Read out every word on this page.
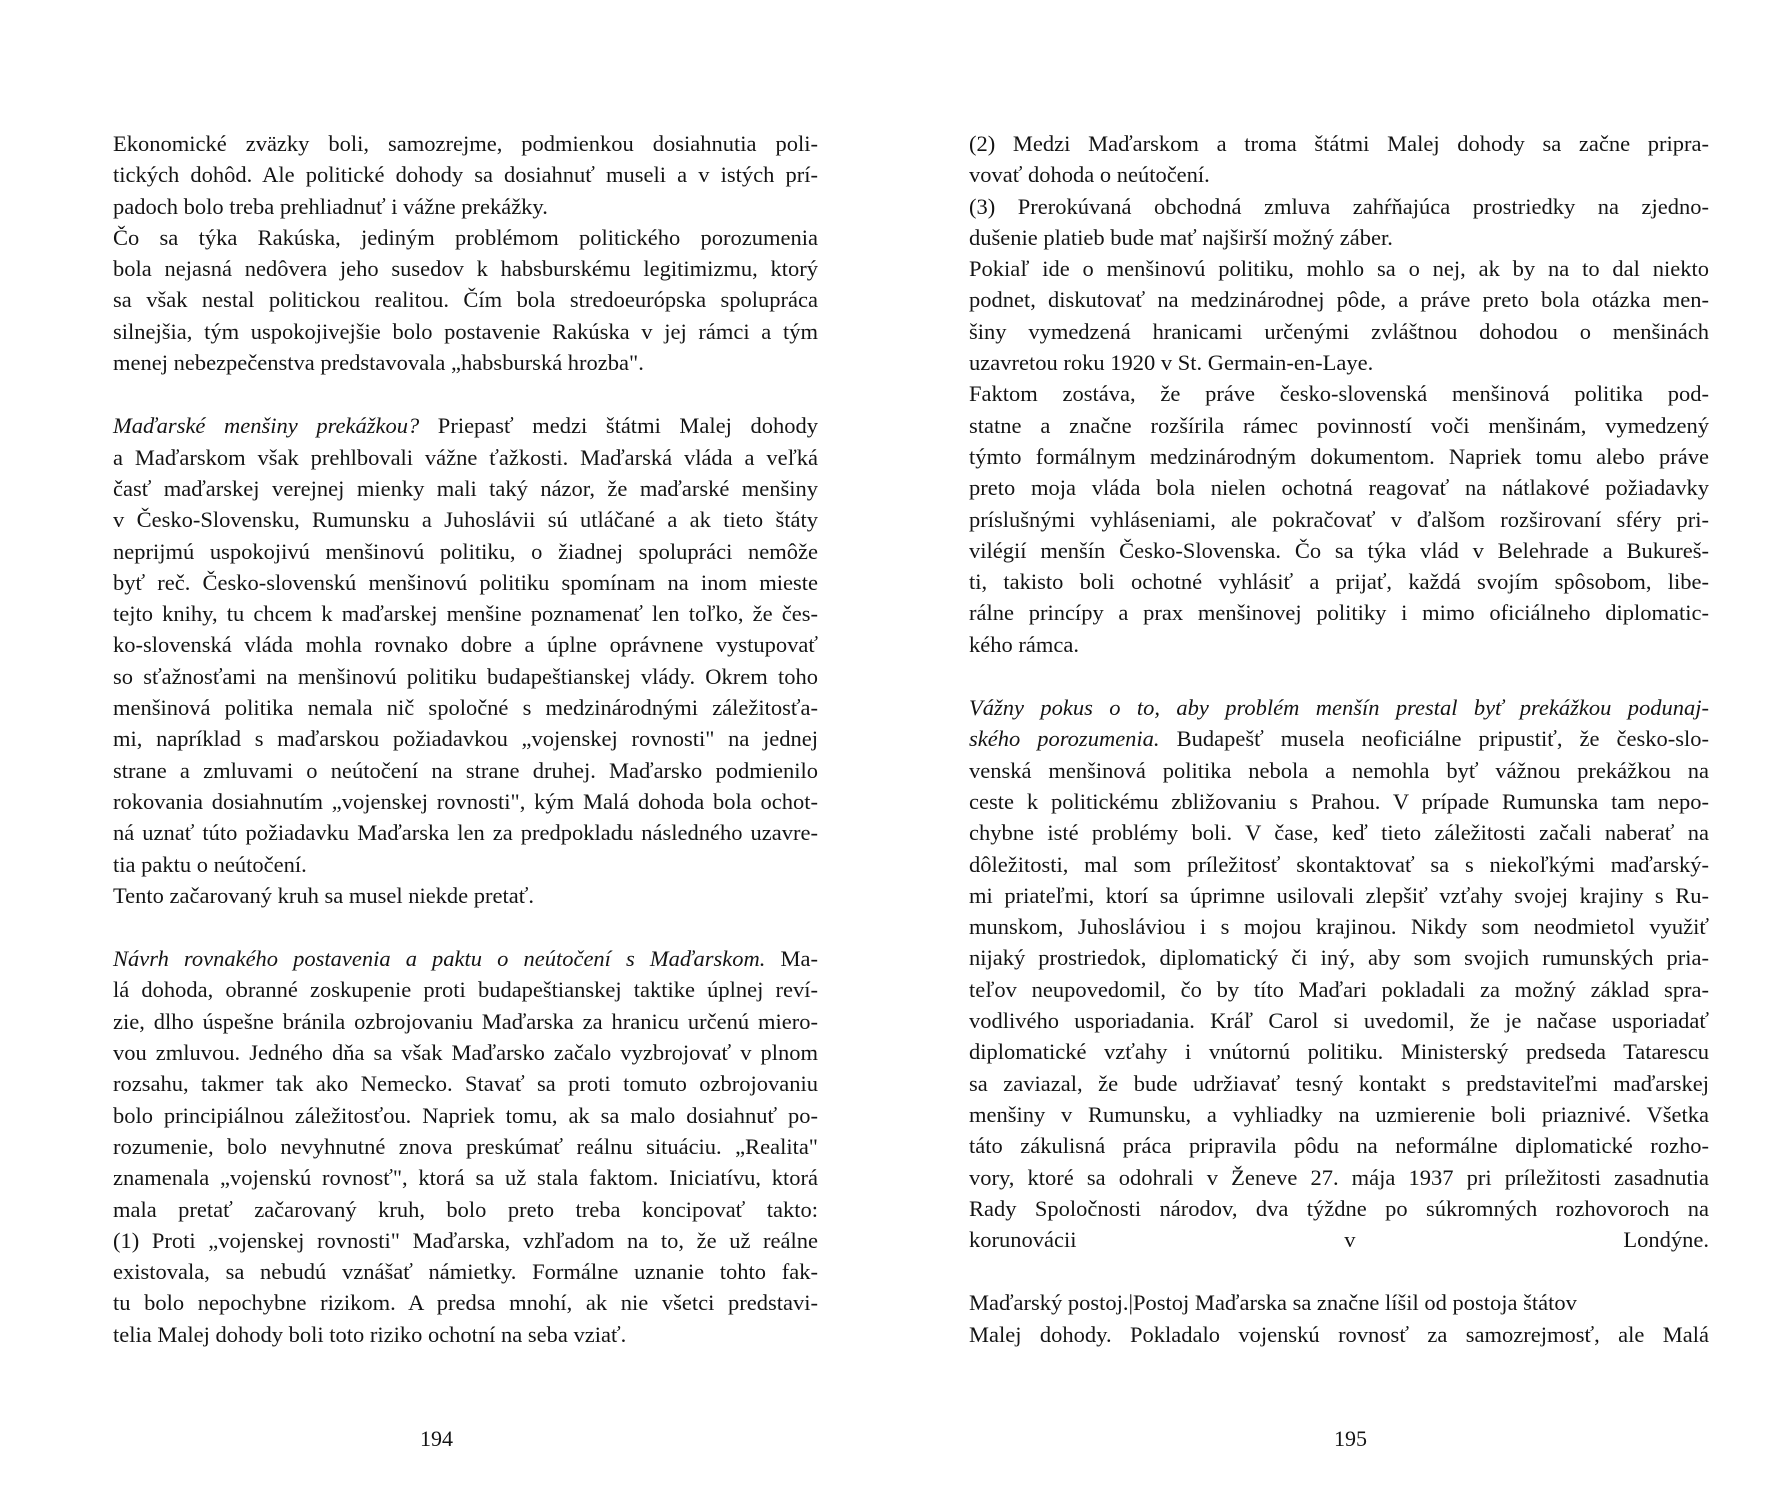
Ekonomické zväzky boli, samozrejme, podmienkou dosiahnutia poli-
tických dohôd. Ale politické dohody sa dosiahnuť museli a v istých prí-
padoch bolo treba prehliadnuť i vážne prekážky.
Čo sa týka Rakúska, jediným problémom politického porozumenia
bola nejasná nedôvera jeho susedov k habsburskému legitimizmu, ktorý
sa však nestal politickou realitou. Čím bola stredoeurópska spolupráca
silnejšia, tým uspokojivejšie bolo postavenie Rakúska v jej rámci a tým
menej nebezpečenstva predstavovala „habsburská hrozba".
Maďarské menšiny prekážkou? Priepasť medzi štátmi Malej dohody
a Maďarskom však prehlbovali vážne ťažkosti. Maďarská vláda a veľká
časť maďarskej verejnej mienky mali taký názor, že maďarské menšiny
v Česko-Slovensku, Rumunsku a Juhoslávii sú utláčané a ak tieto štáty
neprijmú uspokojivú menšinovú politiku, o žiadnej spolupráci nemôže
byť reč. Česko-slovenskú menšinovú politiku spomínam na inom mieste
tejto knihy, tu chcem k maďarskej menšine poznamenať len toľko, že čes-
ko-slovenská vláda mohla rovnako dobre a úplne oprávnene vystupovať
so sťažnosťami na menšinovú politiku budapeštianskej vlády. Okrem toho
menšinová politika nemala nič spoločné s medzinárodnými záležitosťa-
mi, napríklad s maďarskou požiadavkou „vojenskej rovnosti" na jednej
strane a zmluvami o neútočení na strane druhej. Maďarsko podmienilo
rokovania dosiahnutím „vojenskej rovnosti", kým Malá dohoda bola ochot-
ná uznať túto požiadavku Maďarska len za predpokladu následného uzavre-
tia paktu o neútočení.
Tento začarovaný kruh sa musel niekde pretať.
Návrh rovnakého postavenia a paktu o neútočení s Maďarskom. Ma-
lá dohoda, obranné zoskupenie proti budapeštianskej taktike úplnej reví-
zie, dlho úspešne bránila ozbrojovaniu Maďarska za hranicu určenú mierο-
vou zmluvou. Jedného dňa sa však Maďarsko začalo vyzbrojovať v plnom
rozsahu, takmer tak ako Nemecko. Stavať sa proti tomuto ozbrojovaniu
bolo principiálnou záležitosťou. Napriek tomu, ak sa malo dosiahnuť po-
rozumenie, bolo nevyhnutné znova preskúmať reálnu situáciu. „Realita"
znamenala „vojenskú rovnosť", ktorá sa už stala faktom. Iniciatívu, ktorá
mala pretať začarovaný kruh, bolo preto treba koncipovať takto:
(1) Proti „vojenskej rovnosti" Maďarska, vzhľadom na to, že už reálne
existovala, sa nebudú vznášať námietky. Formálne uznanie tohto fak-
tu bolo nepochybne rizikom. A predsa mnohí, ak nie všetci predstavi-
telia Malej dohody boli toto riziko ochotní na seba vziať.
194
(2) Medzi Maďarskom a troma štátmi Malej dohody sa začne pripra-
vovať dohoda o neútočení.
(3) Prerokúvaná obchodná zmluva zahŕňajúca prostriedky na zjedno-
dušenie platieb bude mať najširší možný záber.
Pokiaľ ide o menšinovú politiku, mohlo sa o nej, ak by na to dal niekto
podnet, diskutovať na medzinárodnej pôde, a práve preto bola otázka men-
šiny vymedzená hranicami určenými zvláštnou dohodou o menšinách
uzavretou roku 1920 v St. Germain-en-Laye.
Faktom zostáva, že práve česko-slovenská menšinová politika pod-
statne a značne rozšírila rámec povinností voči menšinám, vymedzený
týmto formálnym medzinárodným dokumentom. Napriek tomu alebo práve
preto moja vláda bola nielen ochotná reagovať na nátlakové požiadavky
príslušnými vyhláseniami, ale pokračovať v ďalšom rozširovaní sféry pri-
vilégií menšín Česko-Slovenska. Čo sa týka vlád v Belehrade a Bukureš-
ti, takisto boli ochotné vyhlásiť a prijať, každá svojím spôsobom, libe-
rálne princípy a prax menšinovej politiky i mimo oficiálneho diplomatic-
kého rámca.
Vážny pokus o to, aby problém menšín prestal byť prekážkou podunaj-
ského porozumenia. Budapešť musela neoficiálne pripustiť, že česko-slo-
venská menšinová politika nebola a nemohla byť vážnou prekážkou na
ceste k politickému zbližovaniu s Prahou. V prípade Rumunska tam nepo-
chybne isté problémy boli. V čase, keď tieto záležitosti začali naberať na
dôležitosti, mal som príležitosť skontaktovať sa s niekoľkými maďarský-
mi priateľmi, ktorí sa úprimne usilovali zlepšiť vzťahy svojej krajiny s Ru-
munskom, Juhosláviou i s mojou krajinou. Nikdy som neodmietol využiť
nijaký prostriedok, diplomatický či iný, aby som svojich rumunských pria-
teľov neupovedomil, čo by títo Maďari pokladali za možný základ spra-
vodlivého usporiadania. Kráľ Carol si uvedomil, že je načase usporiadať
diplomatické vzťahy i vnútornú politiku. Ministerský predseda Tatarescu
sa zaviazal, že bude udržiavať tesný kontakt s predstaviteľmi maďarskej
menšiny v Rumunsku, a vyhliadky na uzmierenie boli priaznivé. Všetka
táto zákulisná práca pripravila pôdu na neformálne diplomatické rozho-
vory, ktoré sa odohrali v Ženeve 27. mája 1937 pri príležitosti zasadnutia
Rady Spoločnosti národov, dva týždne po súkromných rozhovoroch na
korunovácii v Londýne.
Maďarský postoj.|Postoj Maďarska sa značne líšil od postoja štátov
Malej dohody. Pokladalo vojenskú rovnosť za samozrejmosť, ale Malá
195
